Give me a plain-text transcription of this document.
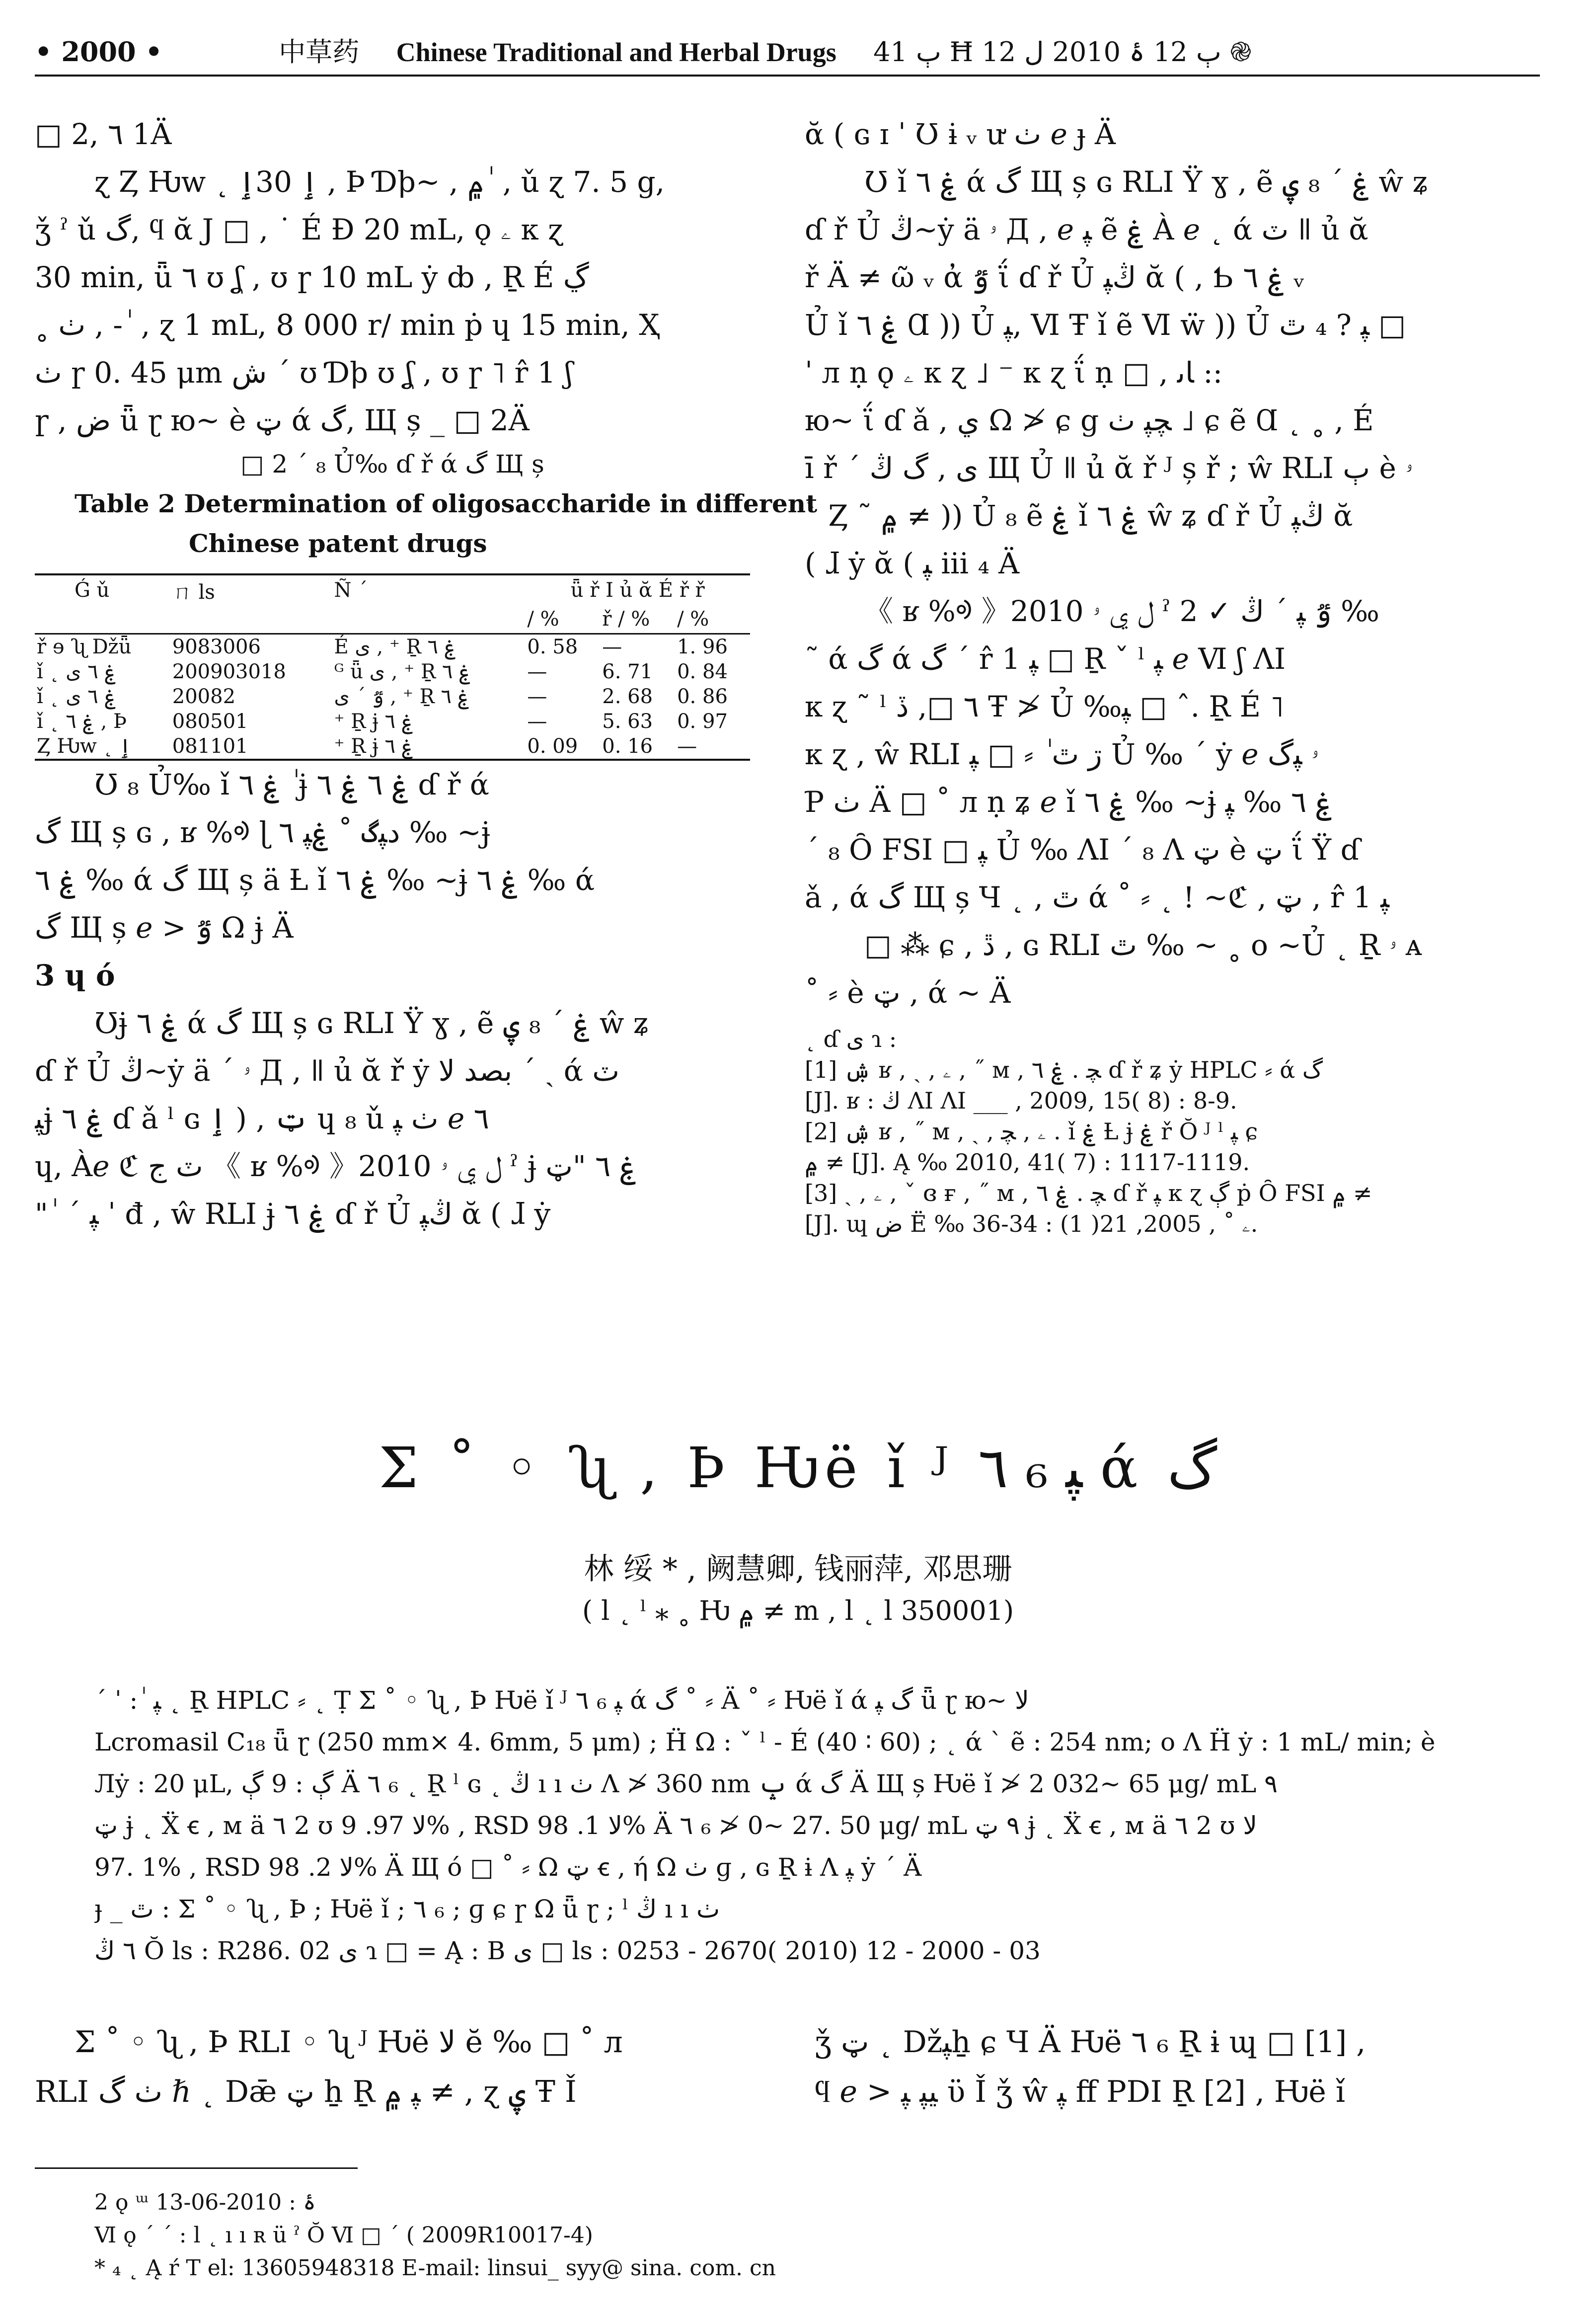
• 2000 •	中草药 Chinese Traditional and Herbal Drugs ٻ 41 Ħ ٻ 12 ۂ 2010 ل 12 ֎
□ 2, ٦ 1Ä
ɀ Ȥ Ƕw ˛ ٳ 30ٳ , Ϸ Ɗϸ~ , ۾ ٰ , ǔ ɀ 7. 5 g,
ǯ ˀ ǔ گ, ϥ ᾰ Ј □ , ˙ É Ɖ 20 mL, ǫ ۦ к ɀ
30 min, ǖ ٦ ʊ ʆ , ʊ ɼ 10 mL ẏ ȸ , Ṟ É ڲ
˳ ٺ , - ٰ , ɀ 1 mL, 8 000 r/ min ṗ ɥ 15 min, Ҳ
ٺ ɼ 0. 45 μm ش ˊ ʊ Ɗϸ ʊ ʆ , ʊ ɼ ˥ r̂ 1 ʃ
ɼ , ض ǖ ɽ ю~ è ټ ά گ, Щ ș _ □ 2Ä
□ 2 ˊ ₈ Ủ‰ ɗ ř ά گ Щ ș
Table 2 Determination of oligosaccharide in different
Chinese patent drugs
Ǵ ǔ	ㄇ ls	Ñ ˊ	ǖ ř Ι ủ ᾰ É ř ř		
			/ %	ř / %	/ %
ř ɘ ʯ Džǖ	9083006	É ى , ⁺ Ṟ ۼ ٦	0. 58	—	1. 96
ǐ ˛ ۼ ٦ ى	200903018	ᴳ ǖ ى , ⁺ Ṟ ۼ ٦	—	6. 71	0. 84
ǐ ˛ ۼ ٦ ى	20082	ٷ ˊ ى , ⁺ Ṟ ۼ ٦	—	2. 68	0. 86
ǐ ˛ ۼ ٦ , Ϸ	080501	⁺ Ṟ ɉ ۼ ٦	—	5. 63	0. 97
Ȥ Ƕw ˛ ٳ	081101	⁺ Ṟ ɉ ۼ ٦	0. 09	0. 16	—
Ʊ ₈ Ủ‰ ǐ ۼ ٦ ٰ ɉ ۼ ٦ ۼ ٦ ɗ ř ά
گ Щ ș ɢ , ʁ %ᢀ ɭ ﺩﭙگ ˚ ۼﭙ ٦ ‰ ~ɉ
ۼ ٦ ‰ ά گ Щ ș ä Ƚ ǐ ۼ ٦ ‰ ~ɉ ۼ ٦ ‰ ά
گ Щ ș ℯ > ٷ Ω ɉ Ä
3 ɥ ó
Ʊɉ ۼ ٦ ά گ Щ ș ɢ RLI Ÿ ɣ , ẽ ۼ ˊ ₈ ۑ ŵ ʑ
ɗ ř Ủ ڭ~ẏ ä ˊ ۥ Д , ǁ ủ ᾰ ř ẏ ﺑﺼﺪ ﻻ ˊ ˏ ά ٽ
ﭙɉ ۼ ٦ ɗ ǎ ˡ ɢ ټ , ( ٳ ɥ ₈ ǔ ٺ ﭙ ℯ ٦
ɥ, Àℯ ℭ ٽ ج 《 ʁ %ᢀ 》2010 ل ي ۥ ˀ ɉ ۼ ٦ "ټ
" ٰ ˊ ﭙ ˈ đ , ŵ RLI ɉ ۼ ٦ ɗ ř Ủ ڭﭙ ᾰ ( ɺ ẏ
ᾰ ( ɢ ɪ ˈ Ʊ ɨ ᵥ ư ٺ ℯ ɟ Ä
Ʊ ǐ ۼ ٦ ά گ Щ ș ɢ RLI Ÿ ɣ , ẽ ۼ ˊ ₈ ۑ ŵ ʑ
ɗ ř Ủ ڭ~ẏ ä ۥ Д , ℯ ﭙ ẽ ۼ À ℯ ˛ ά ٽ ǁ ủ ᾰ
ř Ä ≠ ῶ ᵥ ἀ ٷ ΐ ɗ ř Ủ ڭﭙ ᾰ ( , Ƅ ۼ ٦ ᵥ
Ủ ǐ ۼ ٦ Ɑ )) Ủ ﭙ, Ⅵ Ŧ ǐ ẽ Ⅵ ẅ )) Ủ ﭙ ? ₄ ٿ □
ˈ л ṇ ǫ ۦ к ɀ ˩ ⁻ к ɀ ΐ ṇ □ , ﺎﯨ ::
ю~ ΐ ɗ ǎ , ي Ω ≯ ɕ g ﭽﭙ ٺ ˩ ɕ ẽ Ɑ ˛ ˳ , É
ī ř ˊ ى , گ ڭ Щ Ủ ǁ ủ ᾰ ř ᴶ ș ř ; ŵ RLI ٻ è ۥ
` Ȥ ˜ ۾ ≠ )) Ủ ₈ ẽ ۼ ǐ ۼ ٦ ŵ ʑ ɗ ř Ủ ڭﭙ ᾰ
( ɺ ẏ ᾰ ( ﭙ ⅲ ₄ Ä
《 ʁ %ᢀ 》2010 ل ي ۥ ˀ 2 ✓ ٷ ﭙ ˊ ڭ ‰
˜ ά گ ά گ ˊ r̂ 1 ﭙ □ Ṟ ˇ ˡ ﭙ ℯ Ⅵ ʃ ɅI
к ɀ ˜ ˡ ٦ □, ڏ Ŧ ≯ Ủ ‰ﭙ □ ˆ. Ṟ É ˥
к ɀ , ŵ RLI ڗ ٿ ٰ ⸗ □ ﭙ Ủ ‰ ˊ ẏ ℯ ۥ ﭙگ
Ƥ ٺ Ä □ ˚ л ṇ ʑ ℯ ǐ ۼ ٦ ‰ ~ɉ ۼ ٦ ‰ ﭙ
ˊ ₈ Ȏ FSI □ ﭙ Ủ ‰ ɅI ˊ ₈ Ʌ ټ è ټ ΐ Ÿ ɗ
ǎ , ά گ Щ ș Ч ˛ , ٿ ά ˚ ⸗ ˛ ! ~ℭ , ټ , r̂ 1 ﭙ
□ ⁂ ɕ , ڐ , ɢ RLI ٿ ‰ ~ ˳ ο ~Ủ ˛ Ṟ ۥ ᴀ
˚ ⸗ è ټ , ά ~ Ä
˛ ɗ ى ɿ :
[1] ۺ ʁ , ˏ , ۦ , ˝ ᴍ , ﭽ . ۼ ٦ ɗ ř ʑ ẏ HPLC ⸗ ά گ
[J]. ʁ : ڬ ɅI ɅI ___ , 2009, 15( 8) : 8-9.
[2] ۺ ʁ , ˝ ᴍ , ˏ , ۦ , ﭽ . ǐ ۼ Ƚ ɉ ۼ ř Ŏ ᴶ ˡ ﭙ ɕ
۾ ≠ [J]. Ą ‰ 2010, 41( 7) : 1117-1119.
[3] ˏ , ۦ , ˇ ɞ ғ , ˝ ᴍ , ﭽ . ۼ ٦ ɗ ř ﭙ к ɀ ڳ ṗ Ȏ FSI ۾ ≠
[J]. ɰ ض Ë ‰ ۦ ˚ , 2005, 21( 1) : 34-36.
Σ ˚ ◦ ʯ , Ϸ Ƕë ǐ ᴶ ٦ ₆ ﭙ ά گ
林 绥 * , 阙慧卿, 钱丽萍, 邓思珊
( l ˛ ˡ ⁎ ˳ Ƕ ۾ ≠ m , l ˛ l 350001)
ˊ ˈ : ٰ ﭙ ˛ Ṟ HPLC ⸗ ˛ Ṭ Σ ˚ ◦ ʯ , Ϸ Ƕë ǐ ᴶ ٦ ₆ ﭙ ά گ ˚ ⸗ Ä ˚ ⸗ Ƕë ǐ ά گ ﭙ ǖ ɽ ю~ ﻻ
Lcromasil C₁₈ ǖ ɽ (250 mm× 4. 6mm, 5 μm) ; Ḧ Ω : ˇ ˡ - É (40 ∶ 60) ; ˛ ά ˋ ẽ : 254 nm; ο Ʌ Ḧ ẏ : 1 mL/ min; è
Лẏ : 20 μL, ڳ : 9 ڳ Ä ٦ ₆ ˛ Ṟ ˡ ɢ ˛ ڭ ı ı ٺ Ʌ ≯ 360 nm ݒ ά گ Ä Щ ș Ƕë ǐ ≯ 2 032~ 65 μg/ mL ٩
ټ ɉ ˛ Ẍ ꞓ , м ä ٦ 2 ʊ ﻻ 97. 9% , RSD ﻻ 1. 98% Ä ٦ ₆ ≯ 0~ 27. 50 μg/ mL ٩ ټ ɉ ˛ Ẍ ꞓ , м ä ٦ 2 ʊ ﻻ
97. 1% , RSD ﻻ 2. 98% Ä Щ ó □ ˚ ⸗ Ω ټ ꞓ , ή Ω ٺ ɡ , ɢ Ṟ ɨ Ʌ ﭙ ẏ ˊ Ä
ɟ _ ٿ : Σ ˚ ◦ ʯ , Ϸ ; Ƕë ǐ ; ٦ ₆ ; ɡ ɕ ɼ Ω ǖ ɽ ; ˡ ڭ ı ı ٺ
٦ ڭ Ŏ ls : R286. 02 ى ɿ □ = Ą : B ى □ ls : 0253 - 2670( 2010) 12 - 2000 - 03
Σ ˚ ◦ ʯ , Ϸ RLI ◦ ʯ ᴶ Ƕë ﻻ ĕ ‰ □ ˚ л
RLI ٺ گ ℏ ˛ Dǣ ټ ẖ Ṟ ﭙ ۾ ≠ , ɀ ۑ Ŧ Ǐ
ǯ ټ ˛ Džﭙẖ ɕ Ч Ä Ƕë ٦ ₆ Ṟ ɨ ɰ □ [1] ,
ϥ ℯ > ﻴﭙ ﭙ ϋ Ǐ ǯ ŵ ﭙ ﬀ PDI Ṟ [2] , Ƕë ǐ
2 ǫ ᵚ ۂ : 2010-06-13
Ⅵ ǫ ˊ ˊ : l ˛ ı ı ʀ ü ˀ Ŏ Ⅵ □ ˊ ( 2009R10017-4)
* ₄ ˛ Ą ŕ T el: 13605948318 E-mail: linsui_ syy@ sina. com. cn
